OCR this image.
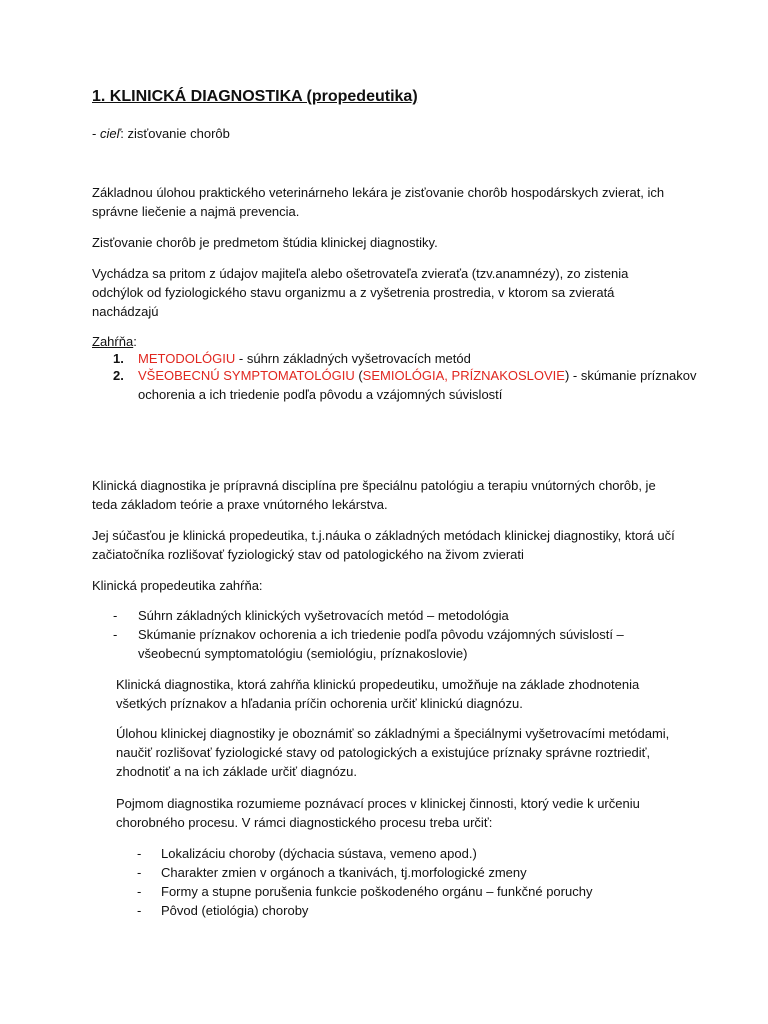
1. KLINICKÁ DIAGNOSTIKA (propedeutika)
- cieľ: zisťovanie chorôb
Základnou úlohou praktického veterinárneho lekára je zisťovanie chorôb hospodárskych zvierat, ich
správne liečenie a najmä prevencia.
Zisťovanie chorôb je predmetom štúdia klinickej diagnostiky.
Vychádza sa pritom z údajov majiteľa alebo ošetrovateľa zvieraťa (tzv.anamnézy), zo zistenia
odchýlok od fyziologického stavu organizmu a z vyšetrenia prostredia, v ktorom sa zvieratá
nachádzajú
Zahŕňa:
1. METODOLÓGIU - súhrn základných vyšetrovacích metód
2. VŠEOBECNÚ SYMPTOMATOLÓGIU (SEMIOLÓGIA, PRÍZNAKOSLOVIE) - skúmanie príznakov
ochorenia a ich triedenie podľa pôvodu a vzájomných súvislostí
Klinická diagnostika je prípravná disciplína pre špeciálnu patológiu a terapiu vnútorných chorôb, je
teda základom teórie a praxe vnútorného lekárstva.
Jej súčasťou je klinická propedeutika, t.j.náuka o základných metódach klinickej diagnostiky, ktorá učí
začiatočníka rozlišovať fyziologický stav od patologického na živom zvierati
Klinická propedeutika zahŕňa:
- Súhrn základných klinických vyšetrovacích metód – metodológia
- Skúmanie príznakov ochorenia a ich triedenie podľa pôvodu vzájomných súvislostí –
všeobecnú symptomatológiu (semiológiu, príznakoslovie)
Klinická diagnostika, ktorá zahŕňa klinickú propedeutiku, umožňuje na základe zhodnotenia
všetkých príznakov a hľadania príčin ochorenia určiť klinickú diagnózu.
Úlohou klinickej diagnostiky je oboznámiť so základnými a špeciálnymi vyšetrovacími metódami,
naučiť rozlišovať fyziologické stavy od patologických a existujúce príznaky správne roztriediť,
zhodnotiť a na ich základe určiť diagnózu.
Pojmom diagnostika rozumieme poznávací proces v klinickej činnosti, ktorý vedie k určeniu
chorobného procesu. V rámci diagnostického procesu treba určiť:
- Lokalizáciu choroby (dýchacia sústava, vemeno apod.)
- Charakter zmien v orgánoch a tkanivách, tj.morfologické zmeny
- Formy a stupne porušenia funkcie poškodeného orgánu – funkčné poruchy
- Pôvod (etiológia) choroby
